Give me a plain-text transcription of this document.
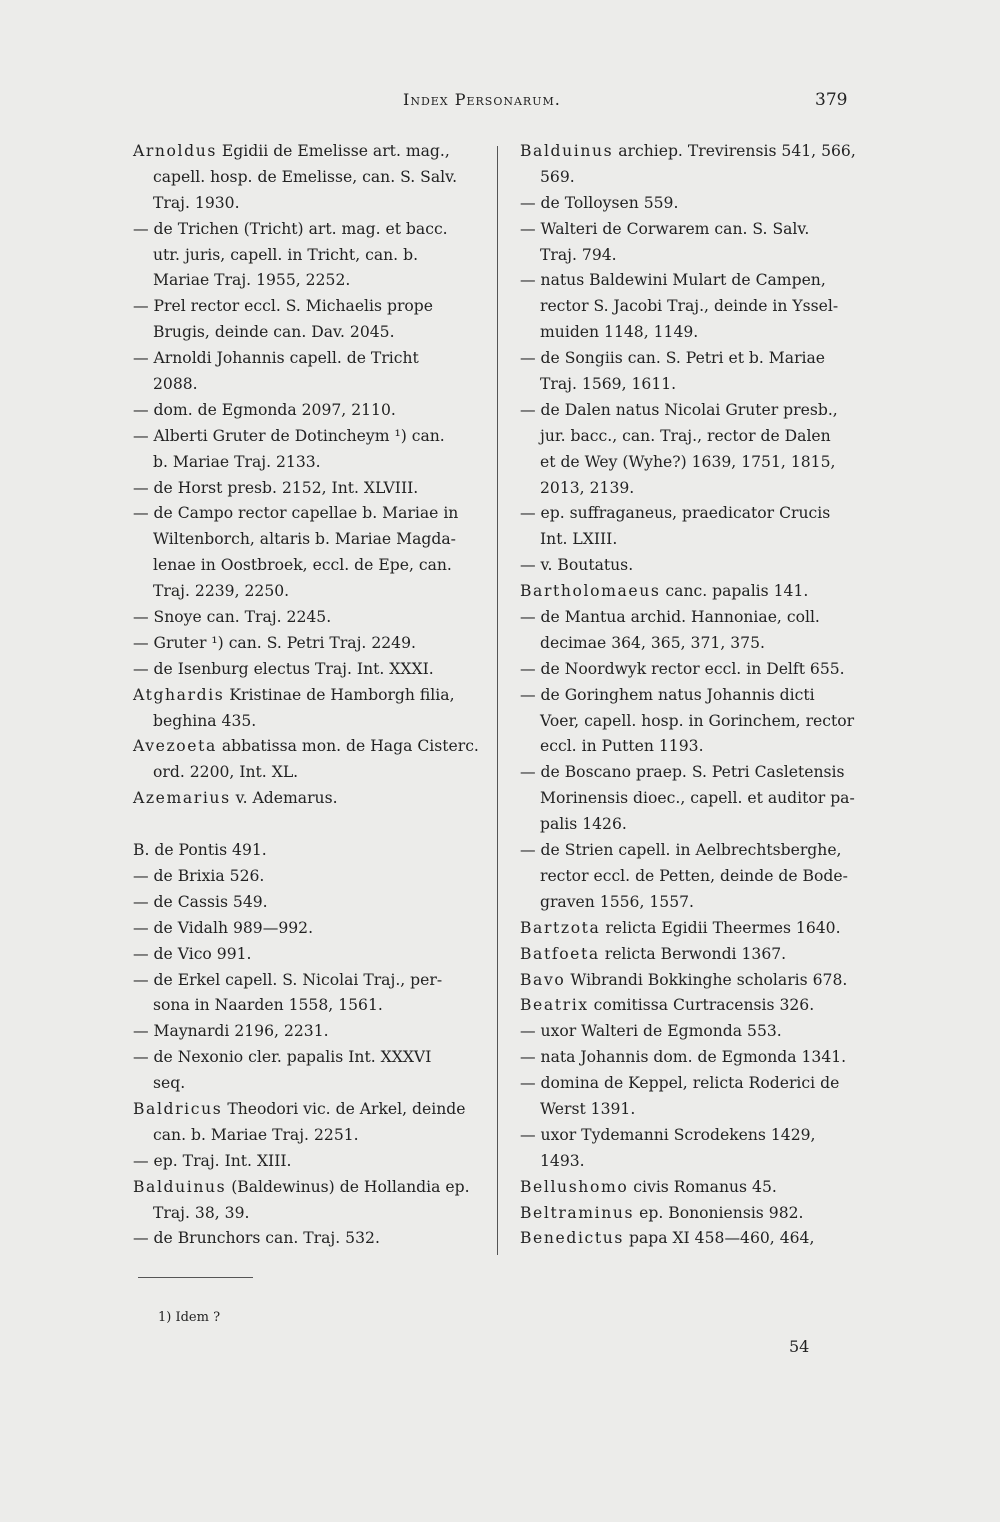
Index Personarum.	379
Arnoldus Egidii de Emelisse art. mag.,
capell. hosp. de Emelisse, can. S. Salv.
Traj. 1930.
— de Trichen (Tricht) art. mag. et bacc.
utr. juris, capell. in Tricht, can. b.
Mariae Traj. 1955, 2252.
— Prel rector eccl. S. Michaelis prope
Brugis, deinde can. Dav. 2045.
— Arnoldi Johannis capell. de Tricht
2088.
— dom. de Egmonda 2097, 2110.
— Alberti Gruter de Dotincheym ¹) can.
b. Mariae Traj. 2133.
— de Horst presb. 2152, Int. XLVIII.
— de Campo rector capellae b. Mariae in
Wiltenborch, altaris b. Mariae Magda-
lenae in Oostbroek, eccl. de Epe, can.
Traj. 2239, 2250.
— Snoye can. Traj. 2245.
— Gruter ¹) can. S. Petri Traj. 2249.
— de Isenburg electus Traj. Int. XXXI.
Atghardis Kristinae de Hamborgh filia,
beghina 435.
Avezoeta abbatissa mon. de Haga Cisterc.
ord. 2200, Int. XL.
Azemarius v. Ademarus.
B. de Pontis 491.
— de Brixia 526.
— de Cassis 549.
— de Vidalh 989—992.
— de Vico 991.
— de Erkel capell. S. Nicolai Traj., per-
sona in Naarden 1558, 1561.
— Maynardi 2196, 2231.
— de Nexonio cler. papalis Int. XXXVI
seq.
Baldricus Theodori vic. de Arkel, deinde
can. b. Mariae Traj. 2251.
— ep. Traj. Int. XIII.
Balduinus (Baldewinus) de Hollandia ep.
Traj. 38, 39.
— de Brunchors can. Traj. 532.
Balduinus archiep. Trevirensis 541, 566,
569.
— de Tolloysen 559.
— Walteri de Corwarem can. S. Salv.
Traj. 794.
— natus Baldewini Mulart de Campen,
rector S. Jacobi Traj., deinde in Yssel-
muiden 1148, 1149.
— de Songiis can. S. Petri et b. Mariae
Traj. 1569, 1611.
— de Dalen natus Nicolai Gruter presb.,
jur. bacc., can. Traj., rector de Dalen
et de Wey (Wyhe?) 1639, 1751, 1815,
2013, 2139.
— ep. suffraganeus, praedicator Crucis
Int. LXIII.
— v. Boutatus.
Bartholomaeus canc. papalis 141.
— de Mantua archid. Hannoniae, coll.
decimae 364, 365, 371, 375.
— de Noordwyk rector eccl. in Delft 655.
— de Goringhem natus Johannis dicti
Voer, capell. hosp. in Gorinchem, rector
eccl. in Putten 1193.
— de Boscano praep. S. Petri Casletensis
Morinensis dioec., capell. et auditor pa-
palis 1426.
— de Strien capell. in Aelbrechtsberghe,
rector eccl. de Petten, deinde de Bode-
graven 1556, 1557.
Bartzota relicta Egidii Theermes 1640.
Batfoeta relicta Berwondi 1367.
Bavo Wibrandi Bokkinghe scholaris 678.
Beatrix comitissa Curtracensis 326.
— uxor Walteri de Egmonda 553.
— nata Johannis dom. de Egmonda 1341.
— domina de Keppel, relicta Roderici de
Werst 1391.
— uxor Tydemanni Scrodekens 1429,
1493.
Bellushomo civis Romanus 45.
Beltraminus ep. Bononiensis 982.
Benedictus papa XI 458—460, 464,
1) Idem ?
54
